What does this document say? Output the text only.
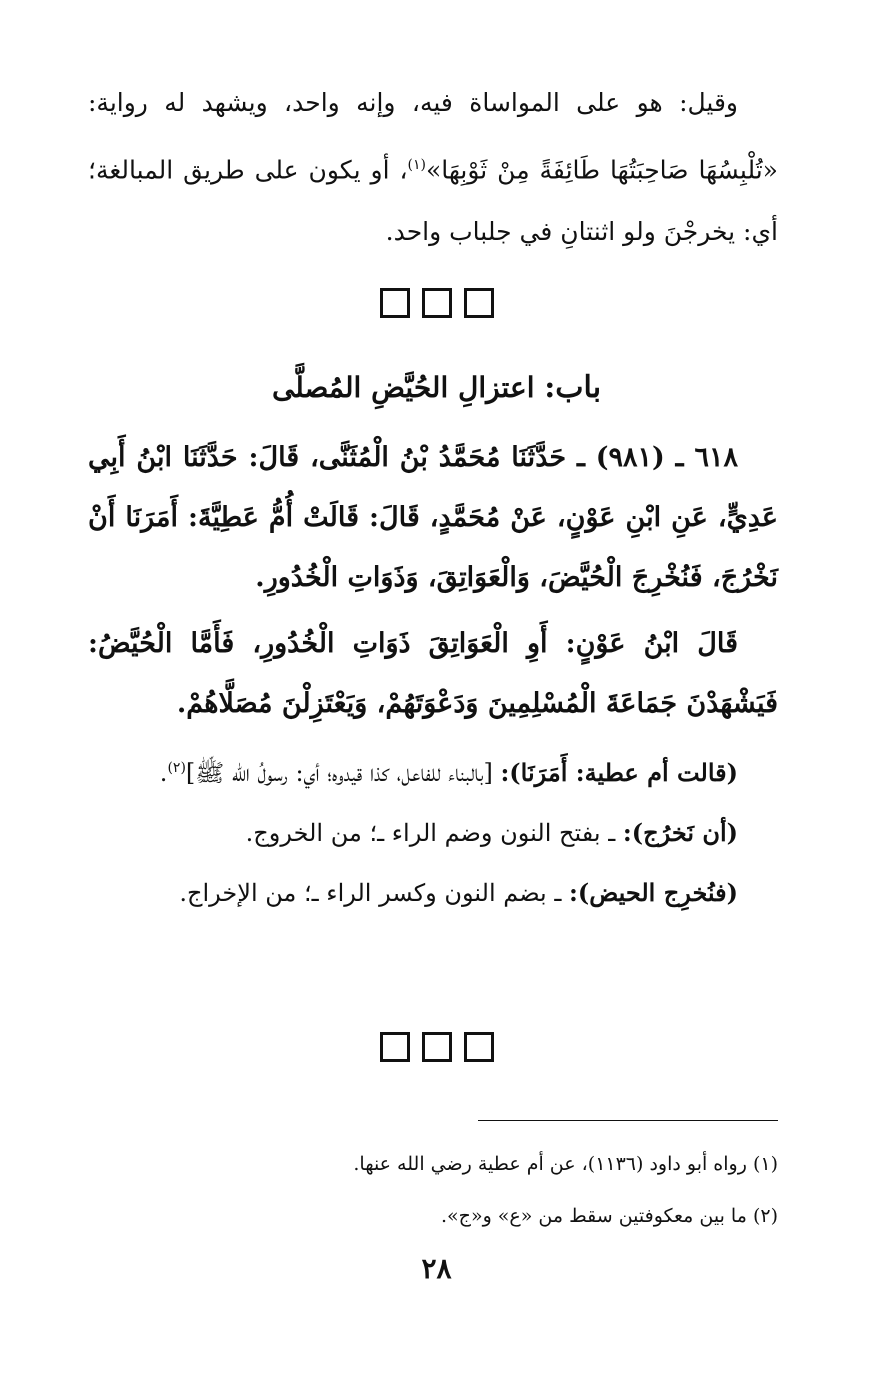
وقيل: هو على المواساة فيه، وإنه واحد، ويشهد له رواية: «تُلْبِسُهَا صَاحِبَتُهَا طَائِفَةً مِنْ ثَوْبِهَا»$^{(١)}$، أو يكون على طريق المبالغة؛ أي: يخرجْنَ ولو اثنتانِ في جلباب واحد.

باب: اعتزالِ الحُيَّضِ المُصلَّى

٦١٨ ـ (٩٨١) ـ حَدَّثَنَا مُحَمَّدُ بْنُ الْمُثَنَّى، قَالَ: حَدَّثَنَا ابْنُ أَبِي عَدِيٍّ، عَنِ ابْنِ عَوْنٍ، عَنْ مُحَمَّدٍ، قَالَ: قَالَتْ أُمُّ عَطِيَّةَ: أَمَرَنَا أَنْ نَخْرُجَ، فَنُخْرِجَ الْحُيَّضَ، وَالْعَوَاتِقَ، وَذَوَاتِ الْخُدُورِ.

قَالَ ابْنُ عَوْنٍ: أَوِ الْعَوَاتِقَ ذَوَاتِ الْخُدُورِ، فَأَمَّا الْحُيَّضُ: فَيَشْهَدْنَ جَمَاعَةَ الْمُسْلِمِينَ وَدَعْوَتَهُمْ، وَيَعْتَزِلْنَ مُصَلَّاهُمْ.

(قالت أم عطية: أَمَرَنَا): [بالبناء للفاعل، كذا قيدوه؛ أي: رسولُ الله ﷺ]$^{(٢)}$.

(أن نَخرُج): ـ بفتح النون وضم الراء ـ؛ من الخروج.

(فنُخرِج الحيض): ـ بضم النون وكسر الراء ـ؛ من الإخراج.

(١) رواه أبو داود (١١٣٦)، عن أم عطية رضي الله عنها.

(٢) ما بين معكوفتين سقط من «ع» و«ج».

٢٨
